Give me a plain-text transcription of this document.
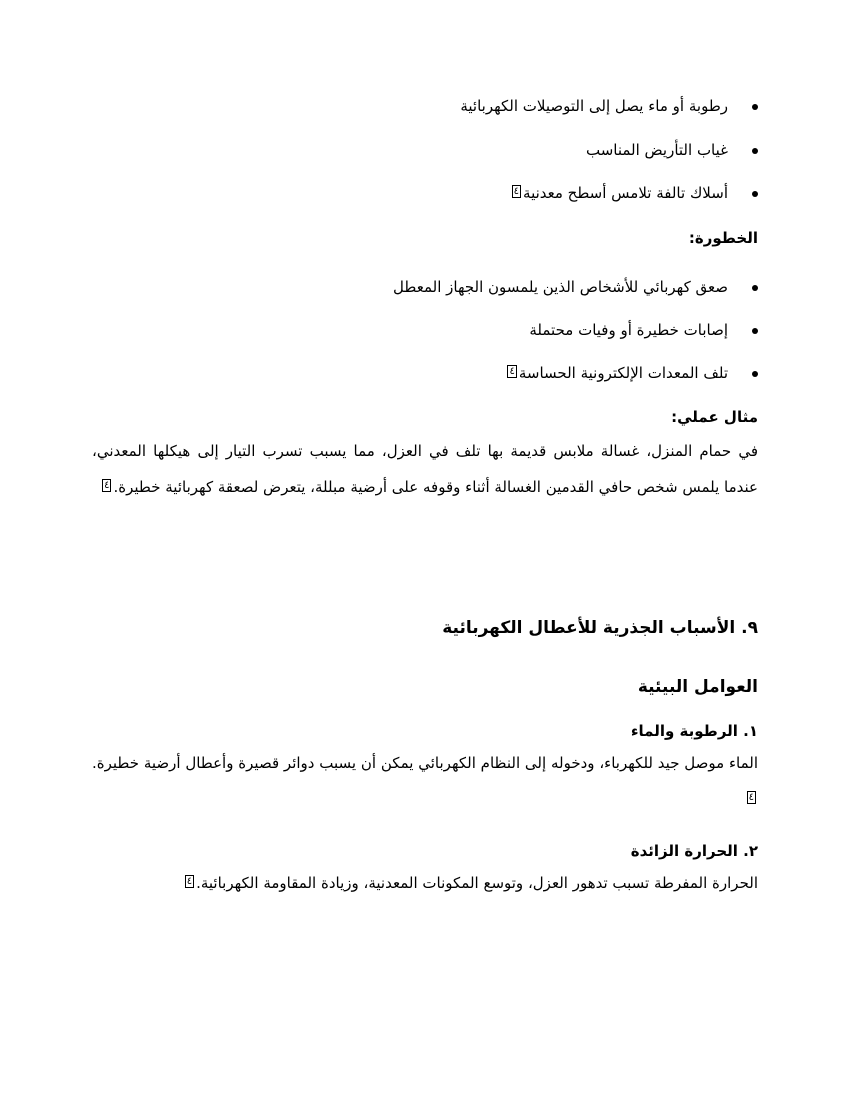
رطوبة أو ماء يصل إلى التوصيلات الكهربائية

غياب التأريض المناسب

أسلاك تالفة تلامس أسطح معدنية٤

الخطورة:

صعق كهربائي للأشخاص الذين يلمسون الجهاز المعطل

إصابات خطيرة أو وفيات محتملة

تلف المعدات الإلكترونية الحساسة٤

مثال عملي:

في حمام المنزل، غسالة ملابس قديمة بها تلف في العزل، مما يسبب تسرب التيار إلى هيكلها المعدني، عندما يلمس شخص حافي القدمين الغسالة أثناء وقوفه على أرضية مبللة، يتعرض لصعقة كهربائية خطيرة.٤

٩. الأسباب الجذرية للأعطال الكهربائية

العوامل البيئية

١. الرطوبة والماء

الماء موصل جيد للكهرباء، ودخوله إلى النظام الكهربائي يمكن أن يسبب دوائر قصيرة وأعطال أرضية خطيرة.٤

٢. الحرارة الزائدة

الحرارة المفرطة تسبب تدهور العزل، وتوسع المكونات المعدنية، وزيادة المقاومة الكهربائية.٤
